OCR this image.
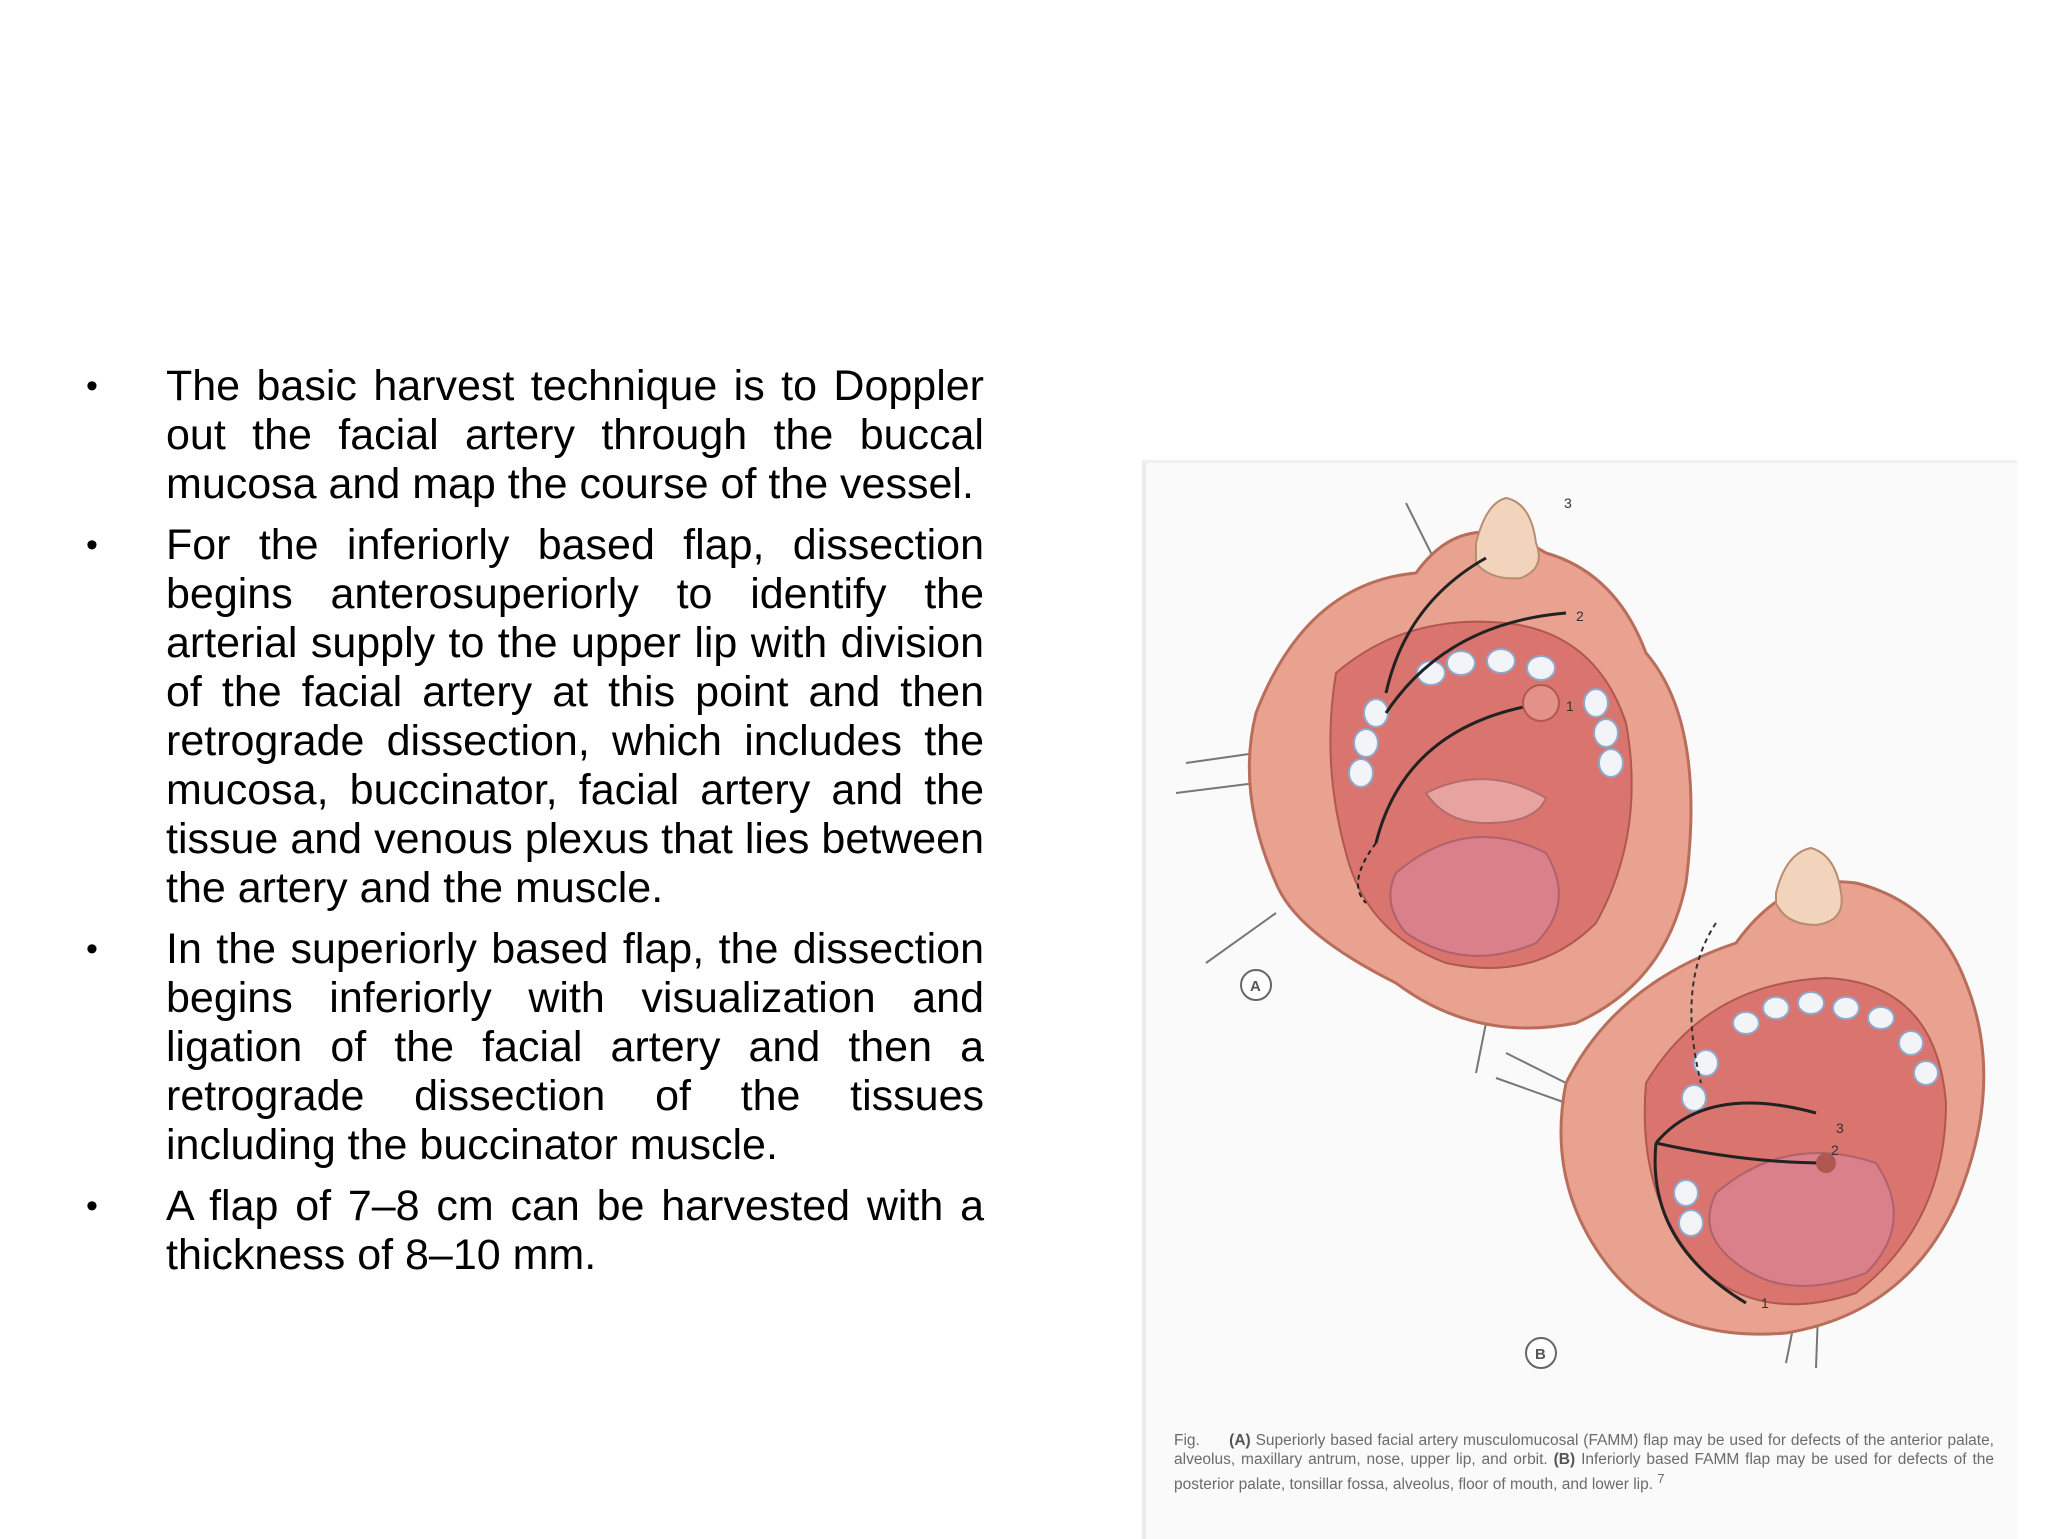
• The basic harvest technique is to Doppler out the facial artery through the buccal mucosa and map the course of the vessel.
• For the inferiorly based flap, dissection begins anterosuperiorly to identify the arterial supply to the upper lip with division of the facial artery at this point and then retrograde dissection, which includes the mucosa, buccinator, facial artery and the tissue and venous plexus that lies between the artery and the muscle.
• In the superiorly based flap, the dissection begins inferiorly with visualization and ligation of the facial artery and then a retrograde dissection of the tissues including the buccinator muscle.
• A flap of 7–8 cm can be harvested with a thickness of 8–10 mm.
1
2
3
A
3
2
1
B
Fig. (A) Superiorly based facial artery musculomucosal (FAMM) flap may be used for defects of the anterior palate, alveolus, maxillary antrum, nose, upper lip, and orbit. (B) Inferiorly based FAMM flap may be used for defects of the posterior palate, tonsillar fossa, alveolus, floor of mouth, and lower lip. $^7$
